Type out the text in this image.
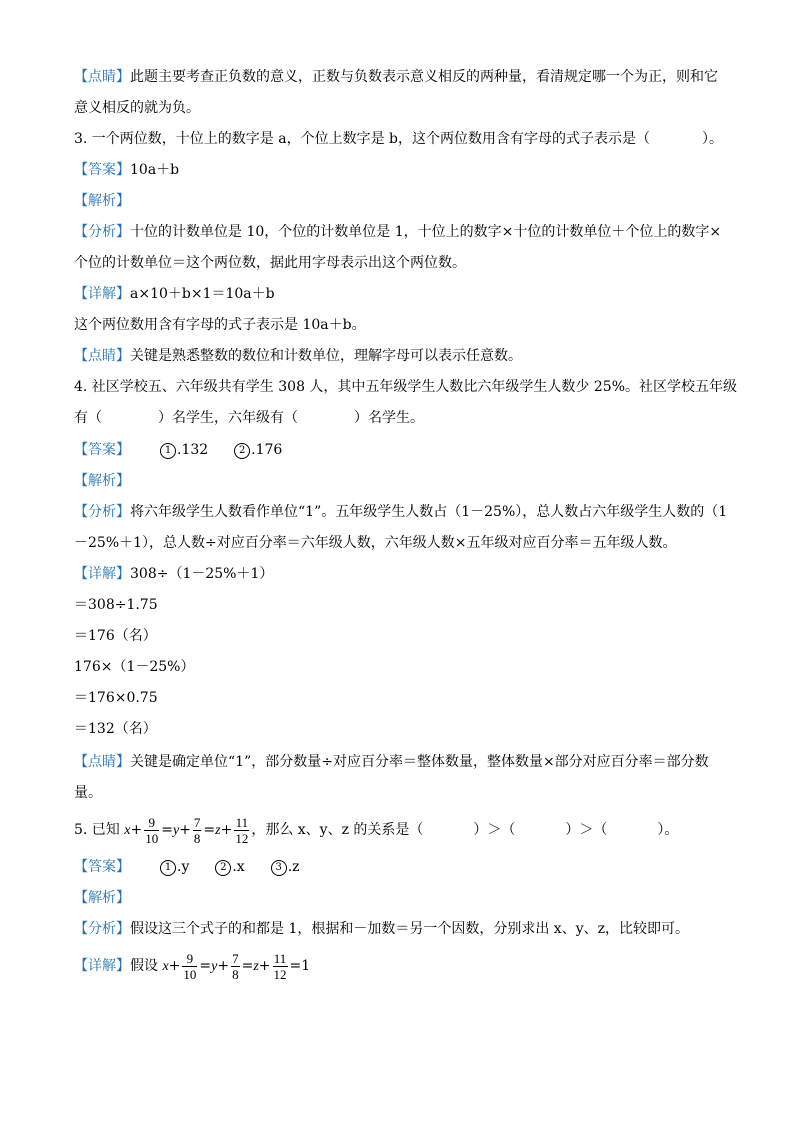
【点睛】此题主要考查正负数的意义，正数与负数表示意义相反的两种量，看清规定哪一个为正，则和它
意义相反的就为负。
3. 一个两位数，十位上的数字是 a，个位上数字是 b，这个两位数用含有字母的式子表示是（	）。
【答案】10a＋b
【解析】
【分析】十位的计数单位是 10，个位的计数单位是 1，十位上的数字×十位的计数单位＋个位上的数字×
个位的计数单位＝这个两位数，据此用字母表示出这个两位数。
【详解】a×10＋b×1＝10a＋b
这个两位数用含有字母的式子表示是 10a＋b。
【点睛】关键是熟悉整数的数位和计数单位，理解字母可以表示任意数。
4. 社区学校五、六年级共有学生 308 人，其中五年级学生人数比六年级学生人数少 25%。社区学校五年级
有（	）名学生，六年级有（	）名学生。
【答案】	1 .132	2 .176
【解析】
【分析】将六年级学生人数看作单位“1”。五年级学生人数占（1－25%），总人数占六年级学生人数的（1
－25%＋1），总人数÷对应百分率＝六年级人数，六年级人数×五年级对应百分率＝五年级人数。
【详解】308÷（1－25%＋1）
＝308÷1.75
＝176（名）
176×（1－25%）
＝176×0.75
＝132（名）
【点睛】关键是确定单位“1”，部分数量÷对应百分率＝整体数量，整体数量×部分对应百分率＝部分数
量。
5. 已知 $x+ \frac{9}{10} =y+ \frac{7}{8} =z+ \frac{11}{12}$ ，那么 x、y、z 的关系是（	）＞（	）＞（	）。
【答案】	1 .y	2 .x	3 .z
【解析】
【分析】假设这三个式子的和都是 1，根据和－加数＝另一个因数，分别求出 x、y、z，比较即可。
【详解】假设 $x+ \frac{9}{10} =y+ \frac{7}{8} =z+ \frac{11}{12} =1$
